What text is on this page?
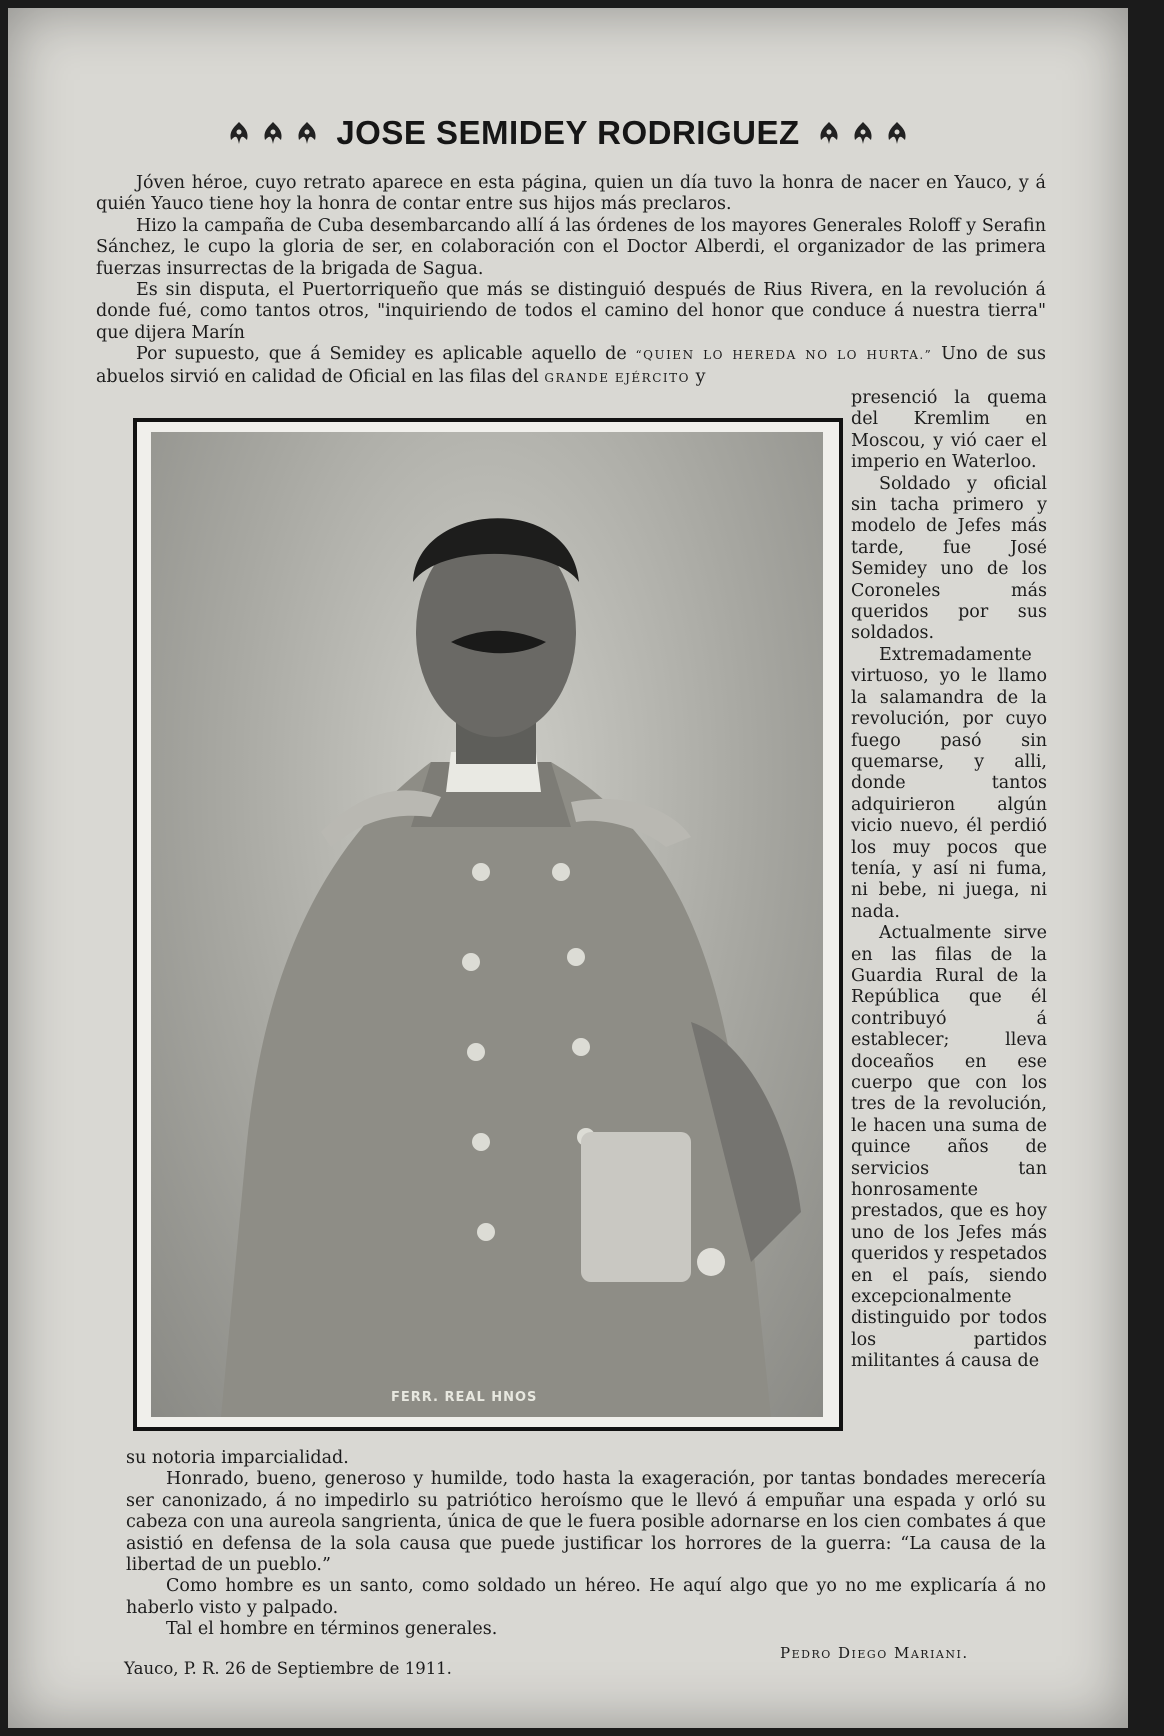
JOSE SEMIDEY RODRIGUEZ

Jóven héroe, cuyo retrato aparece en esta página, quien un día tuvo la honra de nacer en Yauco, y á quién Yauco tiene hoy la honra de contar entre sus hijos más preclaros.

Hizo la campaña de Cuba desembarcando allí á las órdenes de los mayores Generales Roloff y Serafin Sánchez, le cupo la gloria de ser, en colaboración con el Doctor Alberdi, el organizador de las primera fuerzas insurrectas de la brigada de Sagua.

Es sin disputa, el Puertorriqueño que más se distinguió después de Rius Rivera, en la revolución á donde fué, como tantos otros, "inquiriendo de todos el camino del honor que conduce á nuestra tierra" que dijera Marín

Por supuesto, que á Semidey es aplicable aquello de “QUIEN LO HEREDA NO LO HURTA.” Uno de sus abuelos sirvió en calidad de Oficial en las filas del GRANDE EJÉRCITO y

presenció la quema del Kremlim en Moscou, y vió caer el imperio en Waterloo.

Soldado y oficial sin tacha primero y modelo de Jefes más tarde, fue José Semidey uno de los Coroneles más queridos por sus soldados.

Extremadamente virtuoso, yo le llamo la salamandra de la revolución, por cuyo fuego pasó sin quemarse, y alli, donde tantos adquirieron algún vicio nuevo, él perdió los muy pocos que tenía, y así ni fuma, ni bebe, ni juega, ni nada.

Actualmente sirve en las filas de la Guardia Rural de la República que él contribuyó á establecer; lleva doceaños en ese cuerpo que con los tres de la revolución, le hacen una suma de quince años de servicios tan honrosamente prestados, que es hoy uno de los Jefes más queridos y respetados en el país, siendo excepcionalmente distinguido por todos los partidos militantes á causa de

FERR. REAL HNOS

su notoria imparcialidad.

Honrado, bueno, generoso y humilde, todo hasta la exageración, por tantas bondades merecería ser canonizado, á no impedirlo su patriótico heroísmo que le llevó á empuñar una espada y orló su cabeza con una aureola sangrienta, única de que le fuera posible adornarse en los cien combates á que asistió en defensa de la sola causa que puede justificar los horrores de la guerra: “La causa de la libertad de un pueblo.”

Como hombre es un santo, como soldado un héreo. He aquí algo que yo no me explicaría á no haberlo visto y palpado.

Tal el hombre en términos generales.

Pedro Diego Mariani.
Yauco, P. R. 26 de Septiembre de 1911.
